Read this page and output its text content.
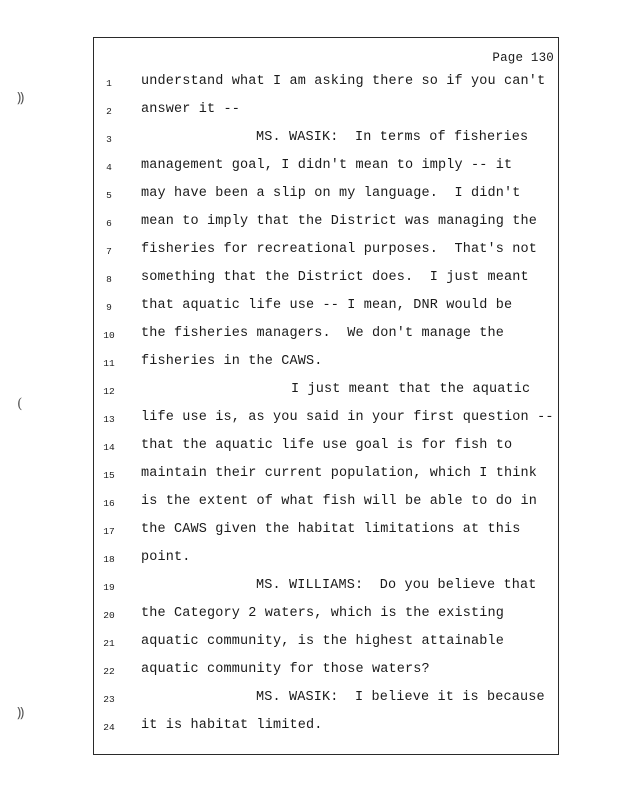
Page 130
⸩
(
⸩
1	understand what I am asking there so if you can't
2	answer it --
3	MS. WASIK:  In terms of fisheries
4	management goal, I didn't mean to imply -- it
5	may have been a slip on my language.  I didn't
6	mean to imply that the District was managing the
7	fisheries for recreational purposes.  That's not
8	something that the District does.  I just meant
9	that aquatic life use -- I mean, DNR would be
10	the fisheries managers.  We don't manage the
11	fisheries in the CAWS.
12	I just meant that the aquatic
13	life use is, as you said in your first question --
14	that the aquatic life use goal is for fish to
15	maintain their current population, which I think
16	is the extent of what fish will be able to do in
17	the CAWS given the habitat limitations at this
18	point.
19	MS. WILLIAMS:  Do you believe that
20	the Category 2 waters, which is the existing
21	aquatic community, is the highest attainable
22	aquatic community for those waters?
23	MS. WASIK:  I believe it is because
24	it is habitat limited.
